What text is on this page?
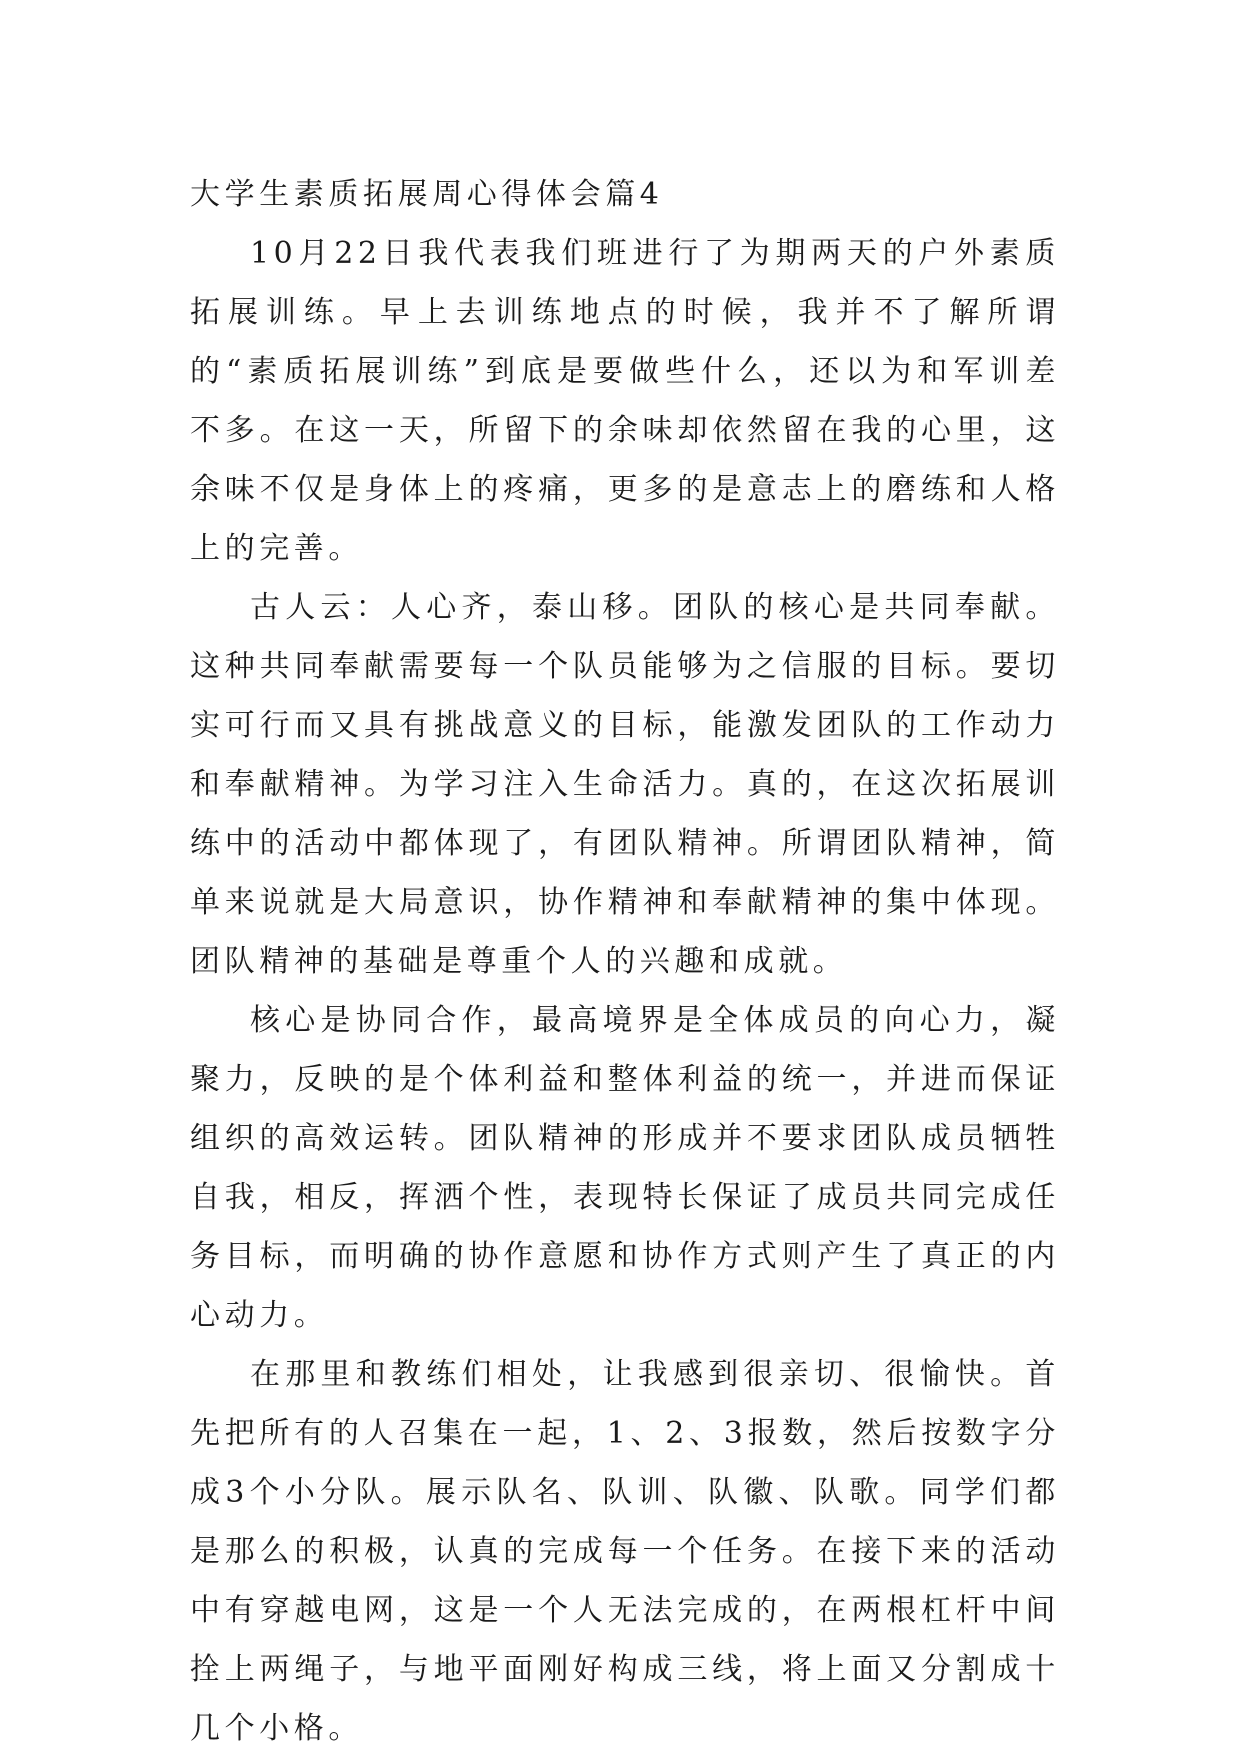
大学生素质拓展周心得体会篇4

10月22日我代表我们班进行了为期两天的户外素质拓展训练。早上去训练地点的时候，我并不了解所谓的“素质拓展训练”到底是要做些什么，还以为和军训差不多。在这一天，所留下的余味却依然留在我的心里，这余味不仅是身体上的疼痛，更多的是意志上的磨练和人格上的完善。

古人云：人心齐，泰山移。团队的核心是共同奉献。这种共同奉献需要每一个队员能够为之信服的目标。要切实可行而又具有挑战意义的目标，能激发团队的工作动力和奉献精神。为学习注入生命活力。真的，在这次拓展训练中的活动中都体现了，有团队精神。所谓团队精神，简单来说就是大局意识，协作精神和奉献精神的集中体现。团队精神的基础是尊重个人的兴趣和成就。

核心是协同合作，最高境界是全体成员的向心力，凝聚力，反映的是个体利益和整体利益的统一，并进而保证组织的高效运转。团队精神的形成并不要求团队成员牺牲自我，相反，挥洒个性，表现特长保证了成员共同完成任务目标，而明确的协作意愿和协作方式则产生了真正的内心动力。

在那里和教练们相处，让我感到很亲切、很愉快。首先把所有的人召集在一起，1、2、3报数，然后按数字分成3个小分队。展示队名、队训、队徽、队歌。同学们都是那么的积极，认真的完成每一个任务。在接下来的活动中有穿越电网，这是一个人无法完成的，在两根杠杆中间拴上两绳子，与地平面刚好构成三线，将上面又分割成十几个小格。
